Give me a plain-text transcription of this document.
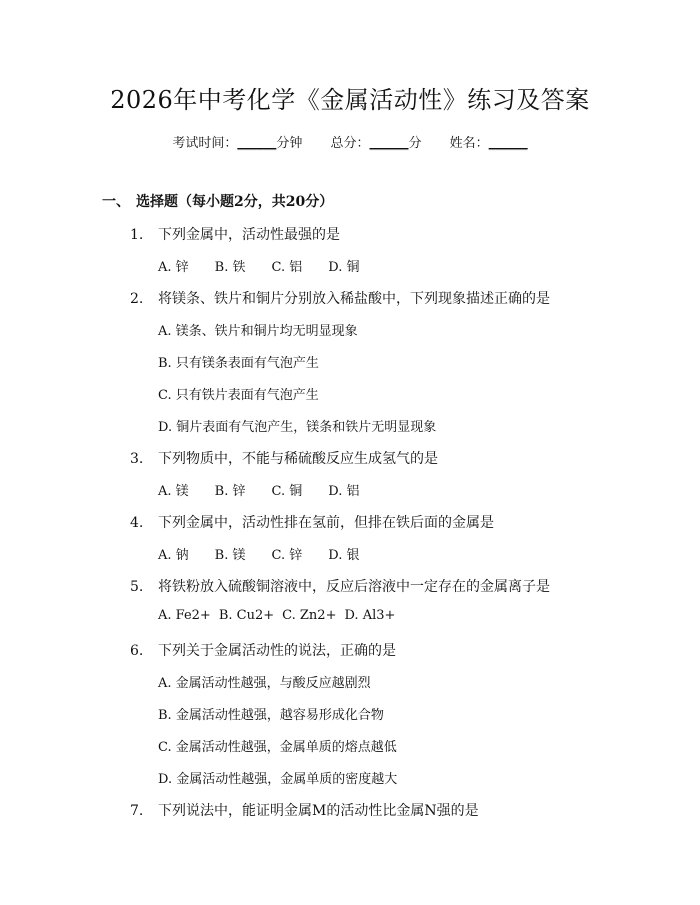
2026年中考化学《金属活动性》练习及答案
考试时间：______分钟 总分：______分 姓名：______
一、 选择题（每小题2分，共20分）
1. 下列金属中，活动性最强的是
A. 锌 B. 铁 C. 铝 D. 铜
2. 将镁条、铁片和铜片分别放入稀盐酸中，下列现象描述正确的是
A. 镁条、铁片和铜片均无明显现象
B. 只有镁条表面有气泡产生
C. 只有铁片表面有气泡产生
D. 铜片表面有气泡产生，镁条和铁片无明显现象
3. 下列物质中，不能与稀硫酸反应生成氢气的是
A. 镁 B. 锌 C. 铜 D. 铝
4. 下列金属中，活动性排在氢前，但排在铁后面的金属是
A. 钠 B. 镁 C. 锌 D. 银
5. 将铁粉放入硫酸铜溶液中，反应后溶液中一定存在的金属离子是
A. Fe2+ B. Cu2+ C. Zn2+ D. Al3+
6. 下列关于金属活动性的说法，正确的是
A. 金属活动性越强，与酸反应越剧烈
B. 金属活动性越强，越容易形成化合物
C. 金属活动性越强，金属单质的熔点越低
D. 金属活动性越强，金属单质的密度越大
7. 下列说法中，能证明金属M的活动性比金属N强的是
